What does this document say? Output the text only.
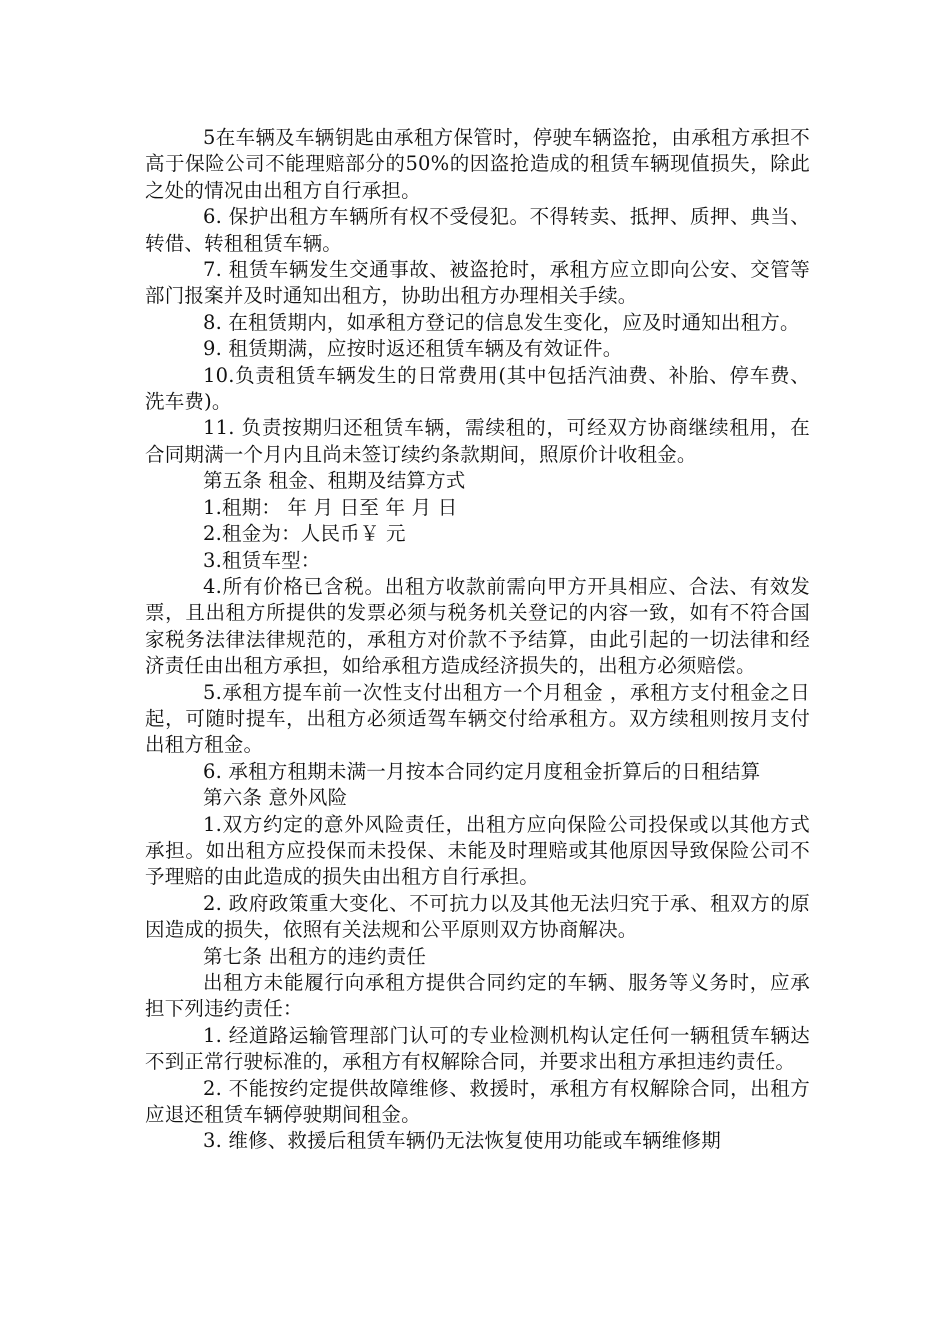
5在车辆及车辆钥匙由承租方保管时，停驶车辆盗抢，由承租方承担不高于保险公司不能理赔部分的50%的因盗抢造成的租赁车辆现值损失，除此之处的情况由出租方自行承担。

6. 保护出租方车辆所有权不受侵犯。不得转卖、抵押、质押、典当、转借、转租租赁车辆。

7. 租赁车辆发生交通事故、被盗抢时，承租方应立即向公安、交管等部门报案并及时通知出租方，协助出租方办理相关手续。

8. 在租赁期内，如承租方登记的信息发生变化，应及时通知出租方。

9. 租赁期满，应按时返还租赁车辆及有效证件。

10.负责租赁车辆发生的日常费用(其中包括汽油费、补胎、停车费、洗车费)。

11. 负责按期归还租赁车辆，需续租的，可经双方协商继续租用，在合同期满一个月内且尚未签订续约条款期间，照原价计收租金。

第五条 租金、租期及结算方式

1.租期： 年 月 日至 年 月 日

2.租金为：人民币￥ 元

3.租赁车型：

4.所有价格已含税。出租方收款前需向甲方开具相应、合法、有效发票，且出租方所提供的发票必须与税务机关登记的内容一致，如有不符合国家税务法律法律规范的，承租方对价款不予结算，由此引起的一切法律和经济责任由出租方承担，如给承租方造成经济损失的，出租方必须赔偿。

5.承租方提车前一次性支付出租方一个月租金 ，承租方支付租金之日起，可随时提车，出租方必须适驾车辆交付给承租方。双方续租则按月支付出租方租金。

6. 承租方租期未满一月按本合同约定月度租金折算后的日租结算

第六条 意外风险

1.双方约定的意外风险责任，出租方应向保险公司投保或以其他方式承担。如出租方应投保而未投保、未能及时理赔或其他原因导致保险公司不予理赔的由此造成的损失由出租方自行承担。

2. 政府政策重大变化、不可抗力以及其他无法归究于承、租双方的原因造成的损失，依照有关法规和公平原则双方协商解决。

第七条 出租方的违约责任

出租方未能履行向承租方提供合同约定的车辆、服务等义务时，应承担下列违约责任：

1. 经道路运输管理部门认可的专业检测机构认定任何一辆租赁车辆达不到正常行驶标准的，承租方有权解除合同，并要求出租方承担违约责任。

2. 不能按约定提供故障维修、救援时，承租方有权解除合同，出租方应退还租赁车辆停驶期间租金。

3. 维修、救援后租赁车辆仍无法恢复使用功能或车辆维修期
